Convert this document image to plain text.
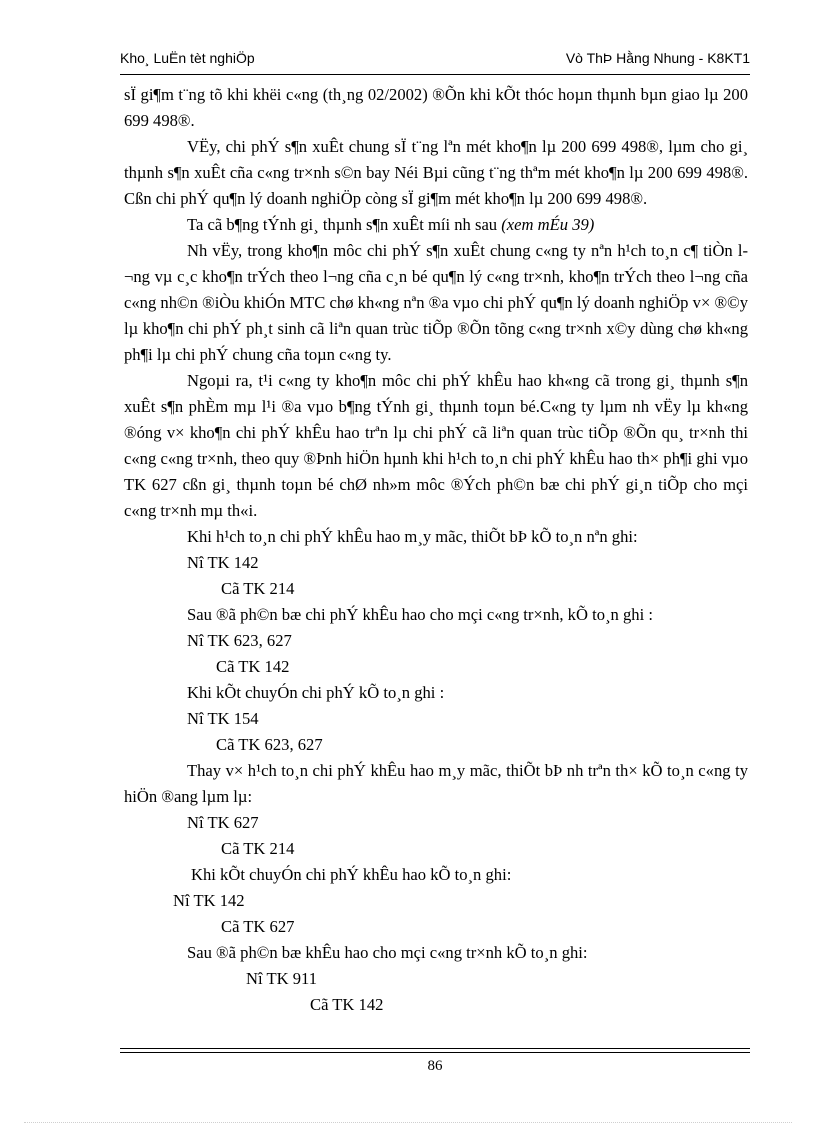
Kho¸ LuËn tèt nghiÖp	Vò ThÞ Hằng Nhung - K8KT1

sÏ gi¶m t¨ng tõ khi khëi c«ng (th¸ng 02/2002) ®Õn khi kÕt thóc hoµn thµnh bµn giao lµ 200 699 498®.

VËy, chi phÝ s¶n xuÊt chung sÏ t¨ng lªn mét kho¶n lµ 200 699 498®, lµm cho gi¸ thµnh s¶n xuÊt cña c«ng tr×nh s©n bay Néi Bµi cũng t¨ng thªm mét kho¶n lµ 200 699 498®. Cßn chi phÝ qu¶n lý doanh nghiÖp còng sÏ gi¶m mét kho¶n lµ 200 699 498®.

Ta cã b¶ng tÝnh gi¸ thµnh s¶n xuÊt míi nh sau (xem mÉu 39)

Nh vËy, trong kho¶n môc chi phÝ s¶n xuÊt chung c«ng ty nªn h¹ch to¸n c¶ tiÒn l¬ng vµ c¸c kho¶n trÝch theo l¬ng cña c¸n bé qu¶n lý c«ng tr×nh, kho¶n trÝch theo l¬ng cña c«ng nh©n ®iÒu khiÓn MTC chø kh«ng nªn ®a vµo chi phÝ qu¶n lý doanh nghiÖp v× ®©y lµ kho¶n chi phÝ ph¸t sinh cã liªn quan trùc tiÕp ®Õn tõng c«ng tr×nh x©y dùng chø kh«ng ph¶i lµ chi phÝ chung cña toµn c«ng ty.

Ngoµi ra, t¹i c«ng ty kho¶n môc chi phÝ khÊu hao kh«ng cã trong gi¸ thµnh s¶n xuÊt s¶n phÈm mµ l¹i ®a vµo b¶ng tÝnh gi¸ thµnh toµn bé.C«ng ty lµm nh vËy lµ kh«ng ®óng v× kho¶n chi phÝ khÊu hao trªn lµ chi phÝ cã liªn quan trùc tiÕp ®Õn qu¸ tr×nh thi c«ng c«ng tr×nh, theo quy ®Þnh hiÖn hµnh khi h¹ch to¸n chi phÝ khÊu hao th× ph¶i ghi vµo TK 627 cßn gi¸ thµnh toµn bé chØ nh»m môc ®Ých ph©n bæ chi phÝ gi¸n tiÕp cho mçi c«ng tr×nh mµ th«i.

Khi h¹ch to¸n chi phÝ khÊu hao m¸y mãc, thiÕt bÞ kÕ to¸n nªn ghi:

Nî TK 142

Cã TK 214

Sau ®ã ph©n bæ chi phÝ khÊu hao cho mçi c«ng tr×nh, kÕ to¸n ghi :

Nî TK 623, 627

Cã TK 142

Khi kÕt chuyÓn chi phÝ kÕ to¸n ghi :

Nî TK 154

Cã TK 623, 627

Thay v× h¹ch to¸n chi phÝ khÊu hao m¸y mãc, thiÕt bÞ nh trªn th× kÕ to¸n c«ng ty hiÖn ®ang lµm lµ:

Nî TK 627

Cã TK 214

Khi kÕt chuyÓn chi phÝ khÊu hao kÕ to¸n ghi:

Nî TK 142

Cã TK 627

Sau ®ã ph©n bæ khÊu hao cho mçi c«ng tr×nh kÕ to¸n ghi:

Nî TK 911

Cã TK 142

86
